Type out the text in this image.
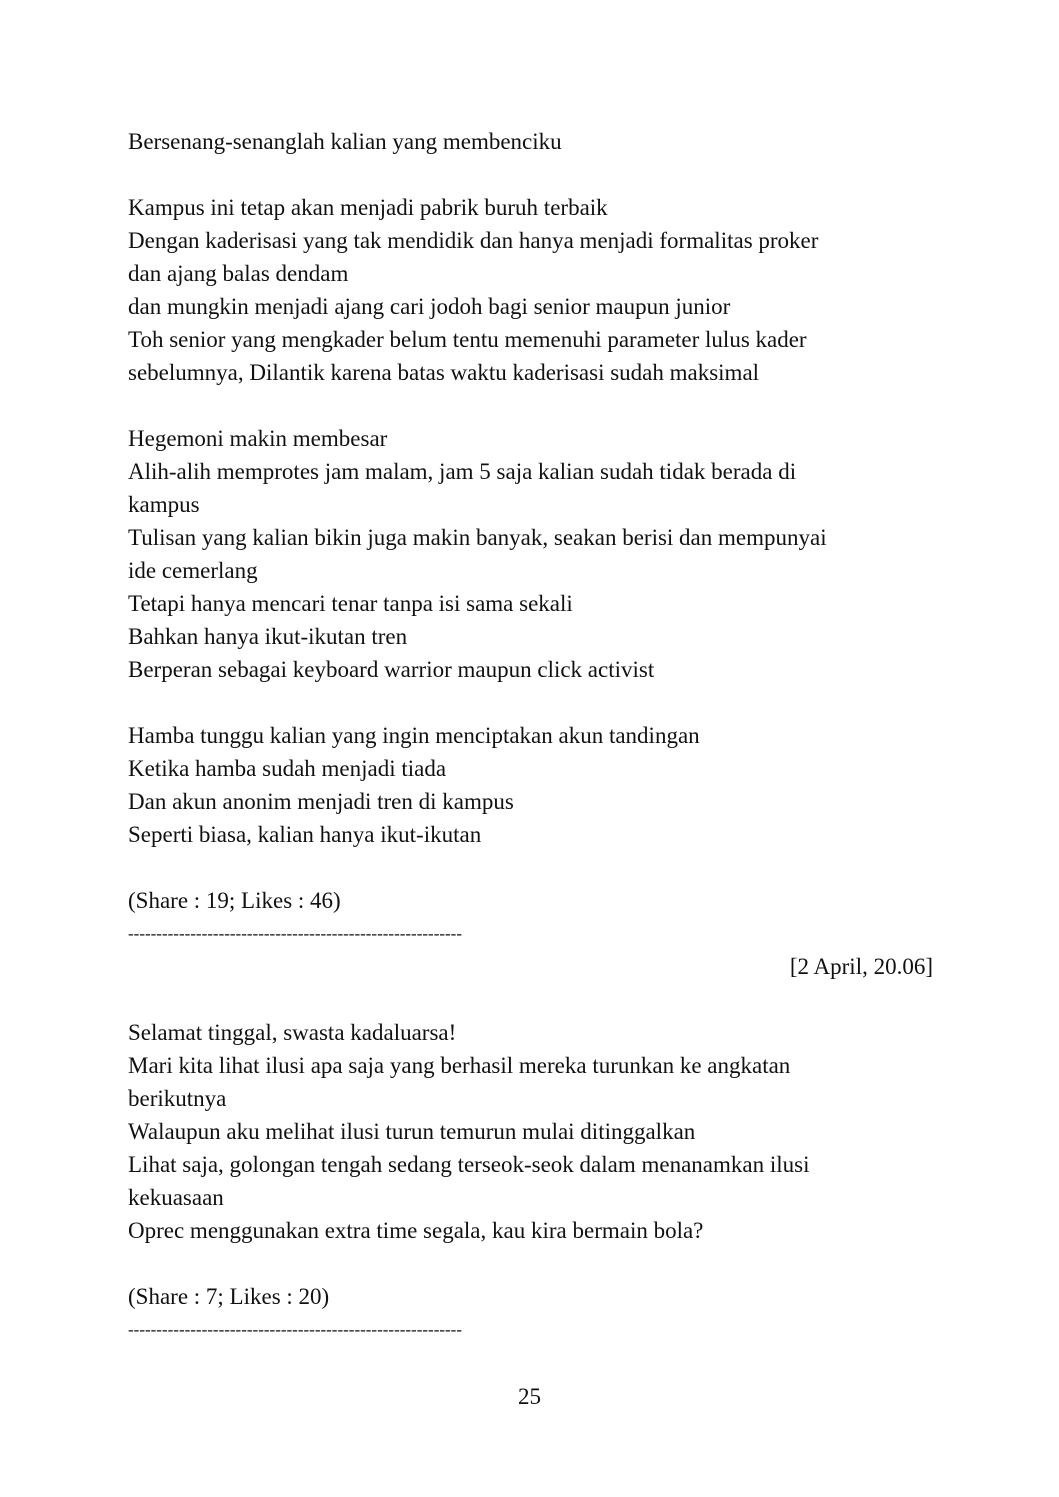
Bersenang-senanglah kalian yang membenciku
Kampus ini tetap akan menjadi pabrik buruh terbaik
Dengan kaderisasi yang tak mendidik dan hanya menjadi formalitas proker
dan ajang balas dendam
dan mungkin menjadi ajang cari jodoh bagi senior maupun junior
Toh senior yang mengkader belum tentu memenuhi parameter lulus kader
sebelumnya, Dilantik karena batas waktu kaderisasi sudah maksimal
Hegemoni makin membesar
Alih-alih memprotes jam malam, jam 5 saja kalian sudah tidak berada di
kampus
Tulisan yang kalian bikin juga makin banyak, seakan berisi dan mempunyai
ide cemerlang
Tetapi hanya mencari tenar tanpa isi sama sekali
Bahkan hanya ikut-ikutan tren
Berperan sebagai keyboard warrior maupun click activist
Hamba tunggu kalian yang ingin menciptakan akun tandingan
Ketika hamba sudah menjadi tiada
Dan akun anonim menjadi tren di kampus
Seperti biasa, kalian hanya ikut-ikutan
(Share : 19; Likes : 46)
-----------------------------------------------------------
[2 April, 20.06]
Selamat tinggal, swasta kadaluarsa!
Mari kita lihat ilusi apa saja yang berhasil mereka turunkan ke angkatan
berikutnya
Walaupun aku melihat ilusi turun temurun mulai ditinggalkan
Lihat saja, golongan tengah sedang terseok-seok dalam menanamkan ilusi
kekuasaan
Oprec menggunakan extra time segala, kau kira bermain bola?
(Share : 7; Likes : 20)
-----------------------------------------------------------
25
